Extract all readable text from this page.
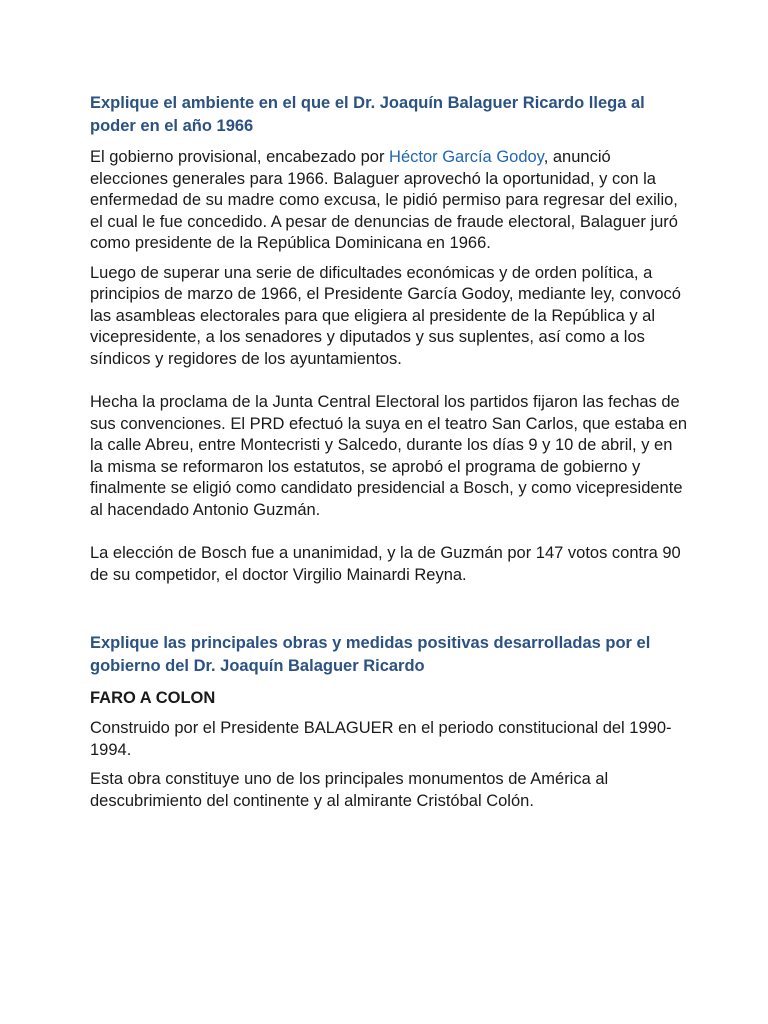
Explique el ambiente en el que el Dr. Joaquín Balaguer Ricardo llega al poder en el año 1966

El gobierno provisional, encabezado por Héctor García Godoy, anunció elecciones generales para 1966. Balaguer aprovechó la oportunidad, y con la enfermedad de su madre como excusa, le pidió permiso para regresar del exilio, el cual le fue concedido. A pesar de denuncias de fraude electoral, Balaguer juró como presidente de la República Dominicana en 1966.

Luego de superar una serie de dificultades económicas y de orden política, a principios de marzo de 1966, el Presidente García Godoy, mediante ley, convocó las asambleas electorales para que eligiera al presidente de la República y al vicepresidente, a los senadores y diputados y sus suplentes, así como a los síndicos y regidores de los ayuntamientos.

Hecha la proclama de la Junta Central Electoral los partidos fijaron las fechas de sus convenciones. El PRD efectuó la suya en el teatro San Carlos, que estaba en la calle Abreu, entre Montecristi y Salcedo, durante los días 9 y 10 de abril, y en la misma se reformaron los estatutos, se aprobó el programa de gobierno y finalmente se eligió como candidato presidencial a Bosch, y como vicepresidente al hacendado Antonio Guzmán.

La elección de Bosch fue a unanimidad, y la de Guzmán por 147 votos contra 90 de su competidor, el doctor Virgilio Mainardi Reyna.

Explique las principales obras y medidas positivas desarrolladas por el gobierno del Dr. Joaquín Balaguer Ricardo
FARO A COLON

Construido por el Presidente BALAGUER en el periodo constitucional del 1990-1994.

Esta obra constituye uno de los principales monumentos de América al descubrimiento del continente y al almirante Cristóbal Colón.
